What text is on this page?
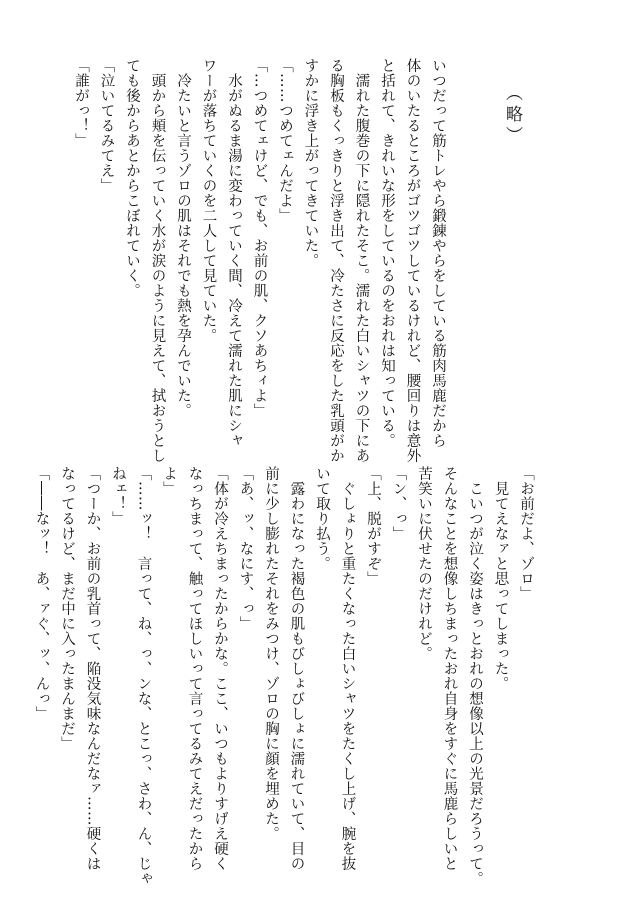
（略）
いつだって筋トレやら鍛錬やらをしている筋肉馬鹿だから
体のいたるところがゴツゴツしているけれど、腰回りは意外
と括れて、きれいな形をしているのをおれは知っている。
　濡れた腹巻の下に隠れたそこ。濡れた白いシャツの下にあ
る胸板もくっきりと浮き出て、冷たさに反応をした乳頭がか
すかに浮き上がってきていた。
「……つめてェんだよ」
「…つめてェけど、でも、お前の肌、クソあちィよ」
　水がぬるま湯に変わっていく間、冷えて濡れた肌にシャ
ワーが落ちていくのを二人して見ていた。
　冷たいと言うゾロの肌はそれでも熱を孕んでいた。
　頭から頬を伝っていく水が涙のように見えて、拭おうとし
ても後からあとからこぼれていく。
「泣いてるみてえ」
「誰がっ！」
「お前だよ、ゾロ」
　見てえなァと思ってしまった。
　こいつが泣く姿はきっとおれの想像以上の光景だろうって。
そんなことを想像しちまったおれ自身をすぐに馬鹿らしいと
苦笑いに伏せたのだけれど。
「ン、っ」
「上、脱がすぞ」
　ぐしょりと重たくなった白いシャツをたくし上げ、腕を抜
いて取り払う。
　露わになった褐色の肌もびしょびしょに濡れていて、目の
前に少し膨れたそれをみつけ、ゾロの胸に顔を埋めた。
「あ、ッ、なにす、っ」
「体が冷えちまったからかな。ここ、いつもよりすげえ硬く
なっちまって、触ってほしいって言ってるみてえだったから
よ」
「……ッ！　言って、ね、っ、ンな、とこっ、さわ、ん、じゃ
ねェ！」
「つーか、お前の乳首って、陥没気味なんだなァ……硬くは
なってるけど、まだ中に入ったまんまだ」
「――なッ！　あ、ァぐ、ッ、んっ」
